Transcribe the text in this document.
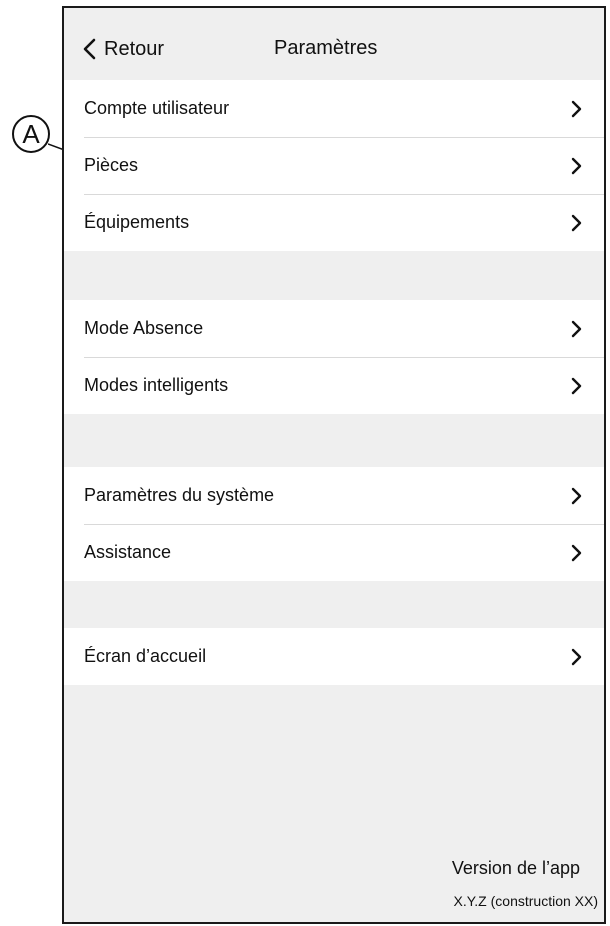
A
Retour	Paramètres
Compte utilisateur
Pièces
Équipements
Mode Absence
Modes intelligents
Paramètres du système
Assistance
Écran d’accueil
Version de l’app
X.Y.Z (construction XX)
